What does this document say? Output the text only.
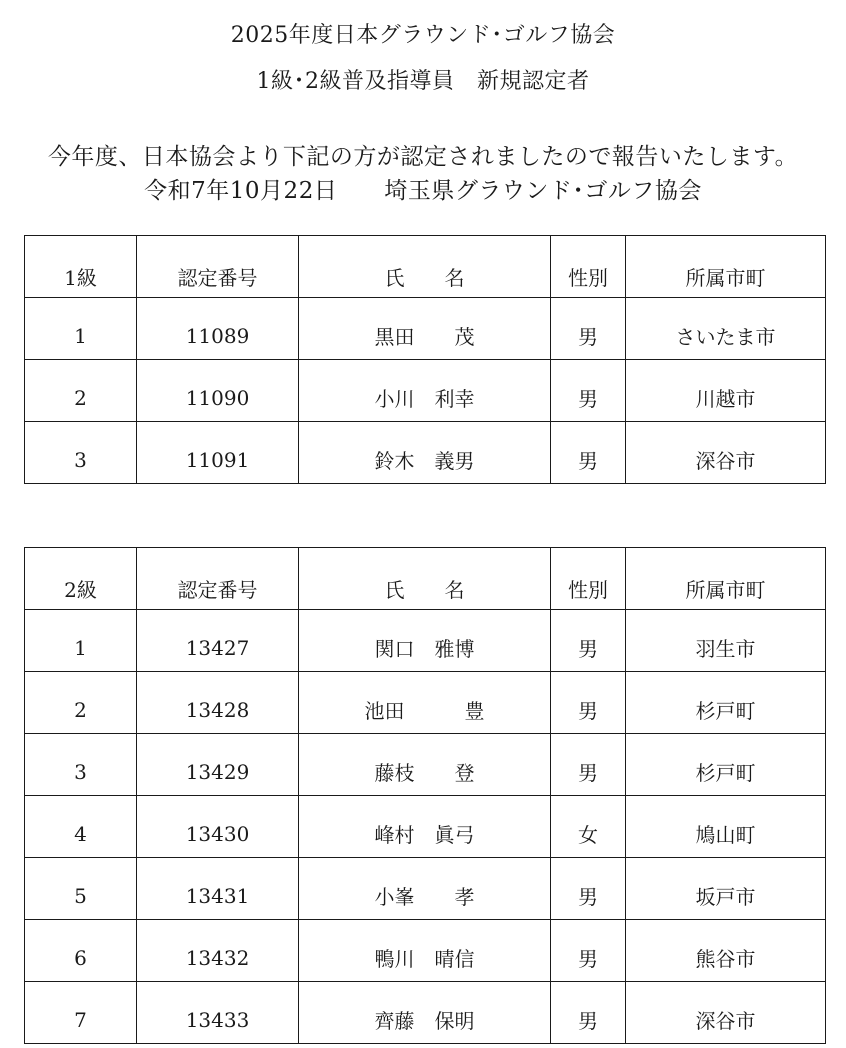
2025年度日本グラウンド･ゴルフ協会
1級･2級普及指導員　新規認定者
今年度、日本協会より下記の方が認定されましたので報告いたします。
令和7年10月22日　　埼玉県グラウンド･ゴルフ協会
1級	認定番号	氏　　名	性別	所属市町
1	11089	黒田　　茂	男	さいたま市
2	11090	小川　利幸	男	川越市
3	11091	鈴木　義男	男	深谷市
2級	認定番号	氏　　名	性別	所属市町
1	13427	関口　雅博	男	羽生市
2	13428	池田　　　豊	男	杉戸町
3	13429	藤枝　　登	男	杉戸町
4	13430	峰村　眞弓	女	鳩山町
5	13431	小峯　　孝	男	坂戸市
6	13432	鴨川　晴信	男	熊谷市
7	13433	齊藤　保明	男	深谷市
